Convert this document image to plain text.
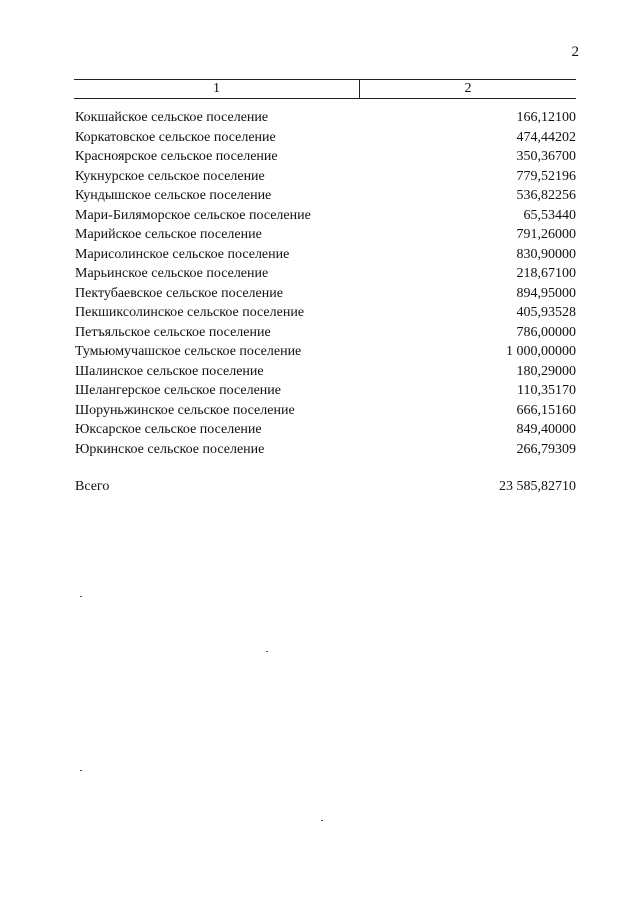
2
1	2
Кокшайское сельское поселение	166,12100
Коркатовское сельское поселение	474,44202
Красноярское сельское поселение	350,36700
Кукнурское сельское поселение	779,52196
Кундышское сельское поселение	536,82256
Мари-Биляморское сельское поселение	65,53440
Марийское сельское поселение	791,26000
Марисолинское сельское поселение	830,90000
Марьинское сельское поселение	218,67100
Пектубаевское сельское поселение	894,95000
Пекшиксолинское сельское поселение	405,93528
Петъяльское сельское поселение	786,00000
Тумьюмучашское сельское поселение	1 000,00000
Шалинское сельское поселение	180,29000
Шелангерское сельское поселение	110,35170
Шоруньжинское сельское поселение	666,15160
Юксарское сельское поселение	849,40000
Юркинское сельское поселение	266,79309
Всего	23 585,82710
